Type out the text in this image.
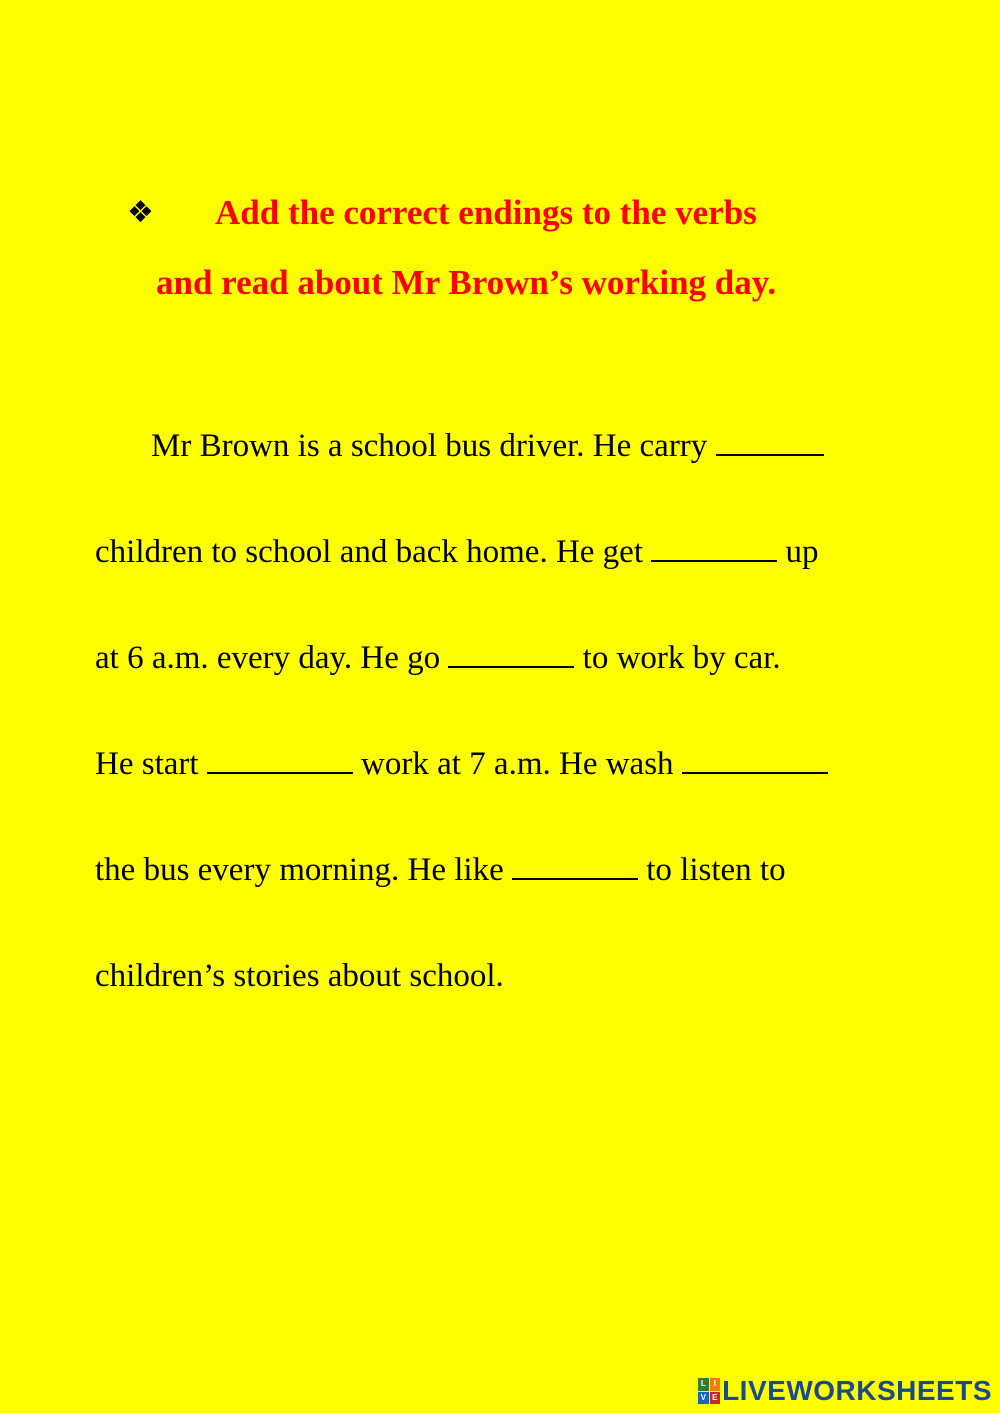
❖ Add the correct endings to the verbs
and read about Mr Brown’s working day.
Mr Brown is a school bus driver. He carry
children to school and back home. He get	up
at 6 a.m. every day. He go	to work by car.
He start	work at 7 a.m. He wash
the bus every morning. He like	to listen to
children’s stories about school.
L I
V E LIVEWORKSHEETS
